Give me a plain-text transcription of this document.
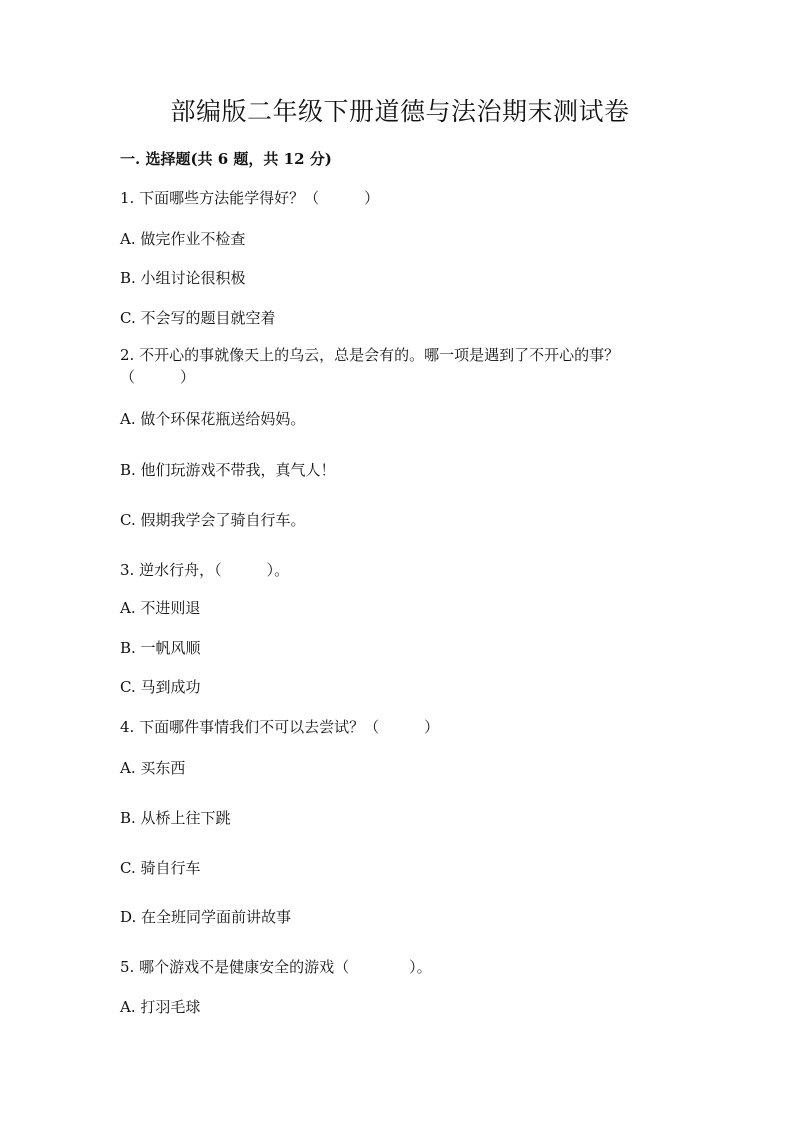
部编版二年级下册道德与法治期末测试卷
一. 选择题(共 6 题，共 12 分)
1. 下面哪些方法能学得好？（　　　）
A. 做完作业不检查
B. 小组讨论很积极
C. 不会写的题目就空着
2. 不开心的事就像天上的乌云，总是会有的。哪一项是遇到了不开心的事？（　　　）
A. 做个环保花瓶送给妈妈。
B. 他们玩游戏不带我，真气人！
C. 假期我学会了骑自行车。
3. 逆水行舟，（　　　）。
A. 不进则退
B. 一帆风顺
C. 马到成功
4. 下面哪件事情我们不可以去尝试？（　　　）
A. 买东西
B. 从桥上往下跳
C. 骑自行车
D. 在全班同学面前讲故事
5. 哪个游戏不是健康安全的游戏（　　　　）。
A. 打羽毛球
